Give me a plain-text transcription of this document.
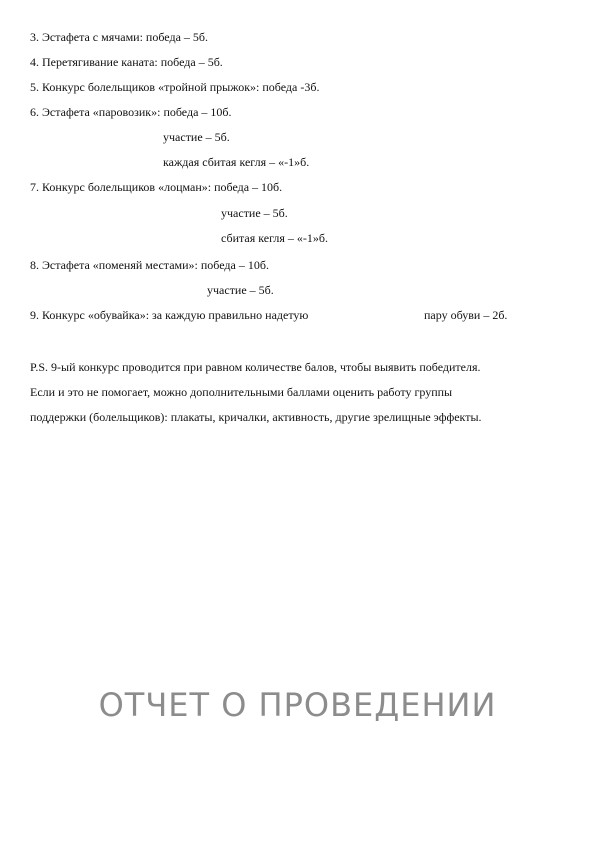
3. Эстафета с мячами: победа – 5б.
4. Перетягивание каната: победа – 5б.
5. Конкурс болельщиков «тройной прыжок»: победа -3б.
6. Эстафета «паровозик»: победа – 10б.
участие – 5б.
каждая сбитая кегля – «-1»б.
7. Конкурс болельщиков «лоцман»: победа – 10б.
участие – 5б.
сбитая кегля – «-1»б.
8. Эстафета «поменяй местами»: победа – 10б.
участие – 5б.
9. Конкурс «обувайка»: за каждую правильно надетую	пару обуви – 2б.
P.S. 9-ый конкурс проводится при равном количестве балов, чтобы выявить победителя.
Если и это не помогает, можно дополнительными баллами оценить работу группы
поддержки (болельщиков): плакаты, кричалки, активность, другие зрелищные эффекты.
ОТЧЕТ О ПРОВЕДЕНИИ
